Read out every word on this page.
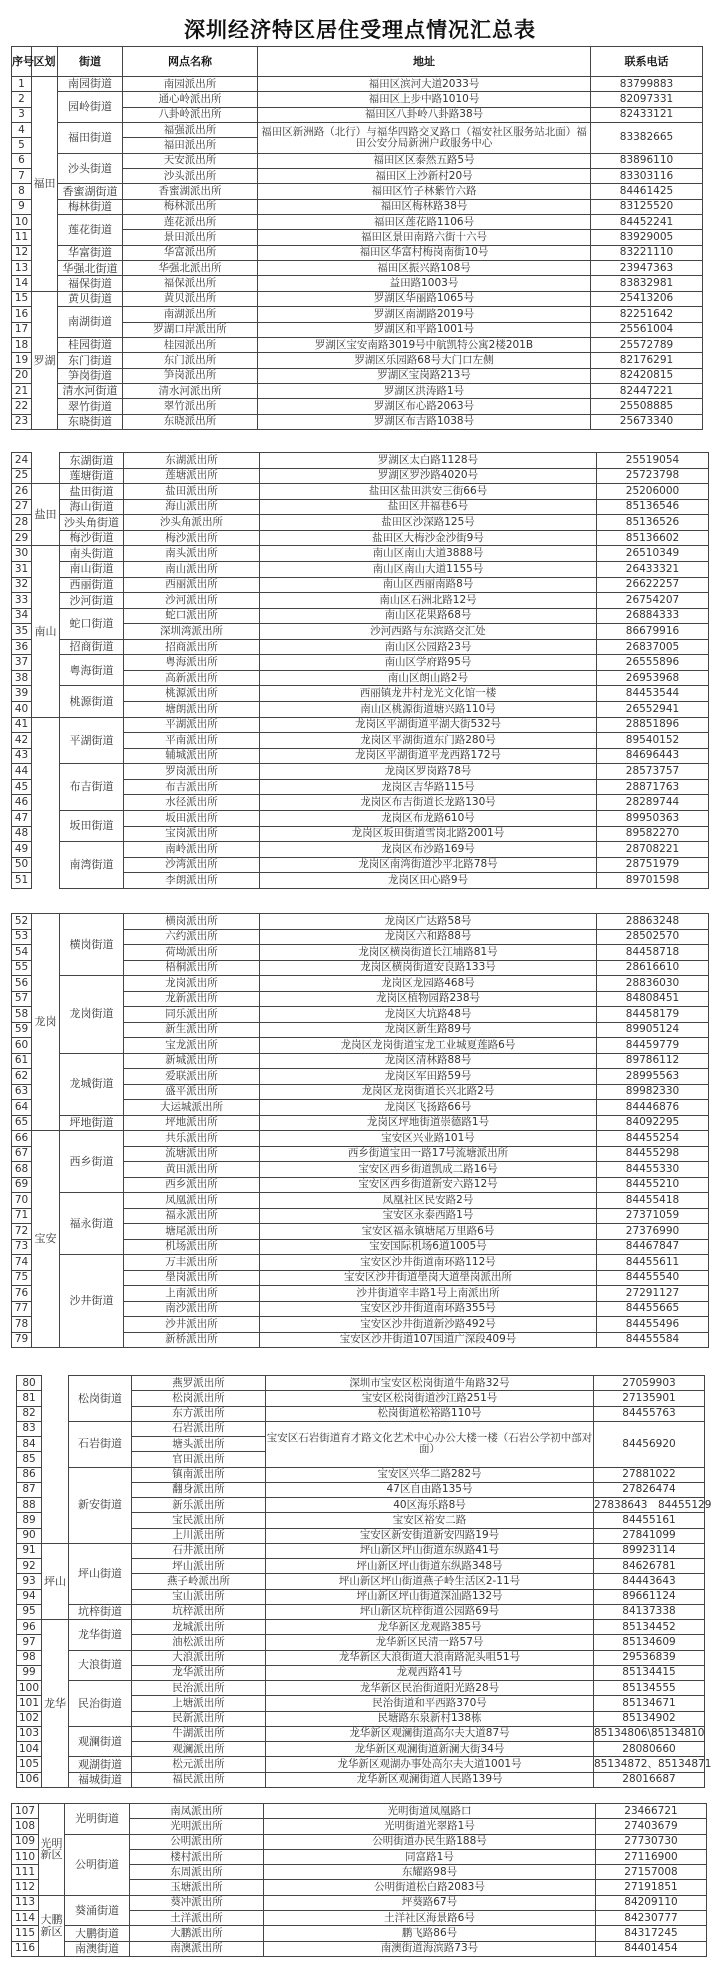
深圳经济特区居住受理点情况汇总表
序号	区划	街道	网点名称	地址	联系电话
1	福田	南园街道	南园派出所	福田区滨河大道2033号	83799883
2		园岭街道	通心岭派出所	福田区上步中路1010号	82097331
3			八卦岭派出所	福田区八卦岭八卦路38号	82433121
4		福田街道	福强派出所	福田区新洲路（北行）与福华四路交叉路口（福安社区服务站北面）福田公安分局新洲户政服务中心	83382665
5			福田派出所		
6		沙头街道	天安派出所	福田区区泰然五路5号	83896110
7			沙头派出所	福田区上沙新村20号	83303116
8		香蜜湖街道	香蜜湖派出所	福田区竹子林紫竹六路	84461425
9		梅林街道	梅林派出所	福田区梅林路38号	83125520
10		莲花街道	莲花派出所	福田区莲花路1106号	84452241
11			景田派出所	福田区景田南路六街十六号	83929005
12		华富街道	华富派出所	福田区华富村梅岗南街10号	83221110
13		华强北街道	华强北派出所	福田区振兴路108号	23947363
14		福保街道	福保派出所	益田路1003号	83832981
15	罗湖	黄贝街道	黄贝派出所	罗湖区华丽路1065号	25413206
16		南湖街道	南湖派出所	罗湖区南湖路2019号	82251642
17			罗湖口岸派出所	罗湖区和平路1001号	25561004
18		桂园街道	桂园派出所	罗湖区宝安南路3019号中航凯特公寓2楼201B	25572789
19		东门街道	东门派出所	罗湖区乐园路68号大门口左侧	82176291
20		笋岗街道	笋岗派出所	罗湖区宝岗路213号	82420815
21		清水河街道	清水河派出所	罗湖区洪涛路1号	82447221
22		翠竹街道	翠竹派出所	罗湖区布心路2063号	25508885
23		东晓街道	东晓派出所	罗湖区布吉路1038号	25673340
24		东湖街道	东湖派出所	罗湖区太白路1128号	25519054
25		莲塘街道	莲塘派出所	罗湖区罗沙路4020号	25723798
26	盐田	盐田街道	盐田派出所	盐田区盐田洪安三街66号	25206000
27		海山街道	海山派出所	盐田区井福巷6号	85136546
28		沙头角街道	沙头角派出所	盐田区沙深路125号	85136526
29		梅沙街道	梅沙派出所	盐田区大梅沙金沙街9号	85136602
30	南山	南头街道	南头派出所	南山区南山大道3888号	26510349
31		南山街道	南山派出所	南山区南山大道1155号	26433321
32		西丽街道	西丽派出所	南山区西丽南路8号	26622257
33		沙河街道	沙河派出所	南山区石洲北路12号	26754207
34		蛇口街道	蛇口派出所	南山区花果路68号	26884333
35			深圳湾派出所	沙河西路与东滨路交汇处	86679916
36		招商街道	招商派出所	南山区公园路23号	26837005
37		粤海街道	粤海派出所	南山区学府路95号	26555896
38			高新派出所	南山区朗山路2号	26953968
39		桃源街道	桃源派出所	西丽镇龙井村龙光文化馆一楼	84453544
40			塘朗派出所	南山区桃源街道塘兴路110号	26552941
41		平湖街道	平湖派出所	龙岗区平湖街道平湖大街532号	28851896
42			平南派出所	龙岗区平湖街道东门路280号	89540152
43			辅城派出所	龙岗区平湖街道平龙西路172号	84696443
44		布吉街道	罗岗派出所	龙岗区罗岗路78号	28573757
45			布吉派出所	龙岗区吉华路115号	28871763
46			水径派出所	龙岗区布吉街道长龙路130号	28289744
47		坂田街道	坂田派出所	龙岗区布龙路610号	89950363
48			宝岗派出所	龙岗区坂田街道雪岗北路2001号	89582270
49		南湾街道	南岭派出所	龙岗区布沙路169号	28708221
50			沙湾派出所	龙岗区南湾街道沙平北路78号	28751979
51			李朗派出所	龙岗区田心路9号	89701598
52	龙岗	横岗街道	横岗派出所	龙岗区广达路58号	28863248
53			六约派出所	龙岗区六和路88号	28502570
54			荷坳派出所	龙岗区横岗街道长江埔路81号	84458718
55			梧桐派出所	龙岗区横岗街道安良路133号	28616610
56		龙岗街道	龙岗派出所	龙岗区龙园路468号	28836030
57			龙新派出所	龙岗区植物园路238号	84808451
58			同乐派出所	龙岗区大坑路48号	84458179
59			新生派出所	龙岗区新生路89号	89905124
60			宝龙派出所	龙岗区龙岗街道宝龙工业城夏莲路6号	84459779
61		龙城街道	新城派出所	龙岗区清林路88号	89786112
62			爱联派出所	龙岗区军田路59号	28995563
63			盛平派出所	龙岗区龙岗街道长兴北路2号	89982330
64			大运城派出所	龙岗区飞扬路66号	84446876
65		坪地街道	坪地派出所	龙岗区坪地街道崇德路1号	84092295
66	宝安	西乡街道	共乐派出所	宝安区兴业路101号	84455254
67			流塘派出所	西乡街道宝田一路17号流塘派出所	84455298
68			黄田派出所	宝安区西乡街道凯成二路16号	84455330
69			西乡派出所	宝安区西乡街道新安六路12号	84455210
70		福永街道	凤凰派出所	凤凰社区民安路2号	84455418
71			福永派出所	宝安区永泰西路1号	27371059
72			塘尾派出所	宝安区福永镇塘尾万里路6号	27376990
73			机场派出所	宝安国际机场6道1005号	84467847
74		沙井街道	万丰派出所	宝安区沙井街道南环路112号	84455611
75			壆岗派出所	宝安区沙井街道壆岗大道壆岗派出所	84455540
76			上南派出所	沙井街道宰丰路1号上南派出所	27291127
77			南沙派出所	宝安区沙井街道南环路355号	84455665
78			沙井派出所	宝安区沙井街道新沙路492号	84455496
79			新桥派出所	宝安区沙井街道107国道广深段409号	84455584
80		松岗街道	燕罗派出所	深圳市宝安区松岗街道牛角路32号	27059903
81			松岗派出所	宝安区松岗街道沙江路251号	27135901
82			东方派出所	松岗街道松裕路110号	84455763
83		石岩街道	石岩派出所	宝安区石岩街道育才路文化艺术中心办公大楼一楼（石岩公学初中部对面）	84456920
84			塘头派出所		
85			官田派出所		
86		新安街道	镇南派出所	宝安区兴华二路282号	27881022
87			翻身派出所	47区自由路135号	27826474
88			新乐派出所	40区海乐路8号	27838643　84455129
89			宝民派出所	宝安区裕安二路	84455161
90			上川派出所	宝安区新安街道新安四路19号	27841099
91	坪山	坪山街道	石井派出所	坪山新区坪山街道东纵路41号	89923114
92			坪山派出所	坪山新区坪山街道东纵路348号	84626781
93			燕子岭派出所	坪山新区坪山街道燕子岭生活区2-11号	84443643
94			宝山派出所	坪山新区坪山街道深汕路132号	89661124
95		坑梓街道	坑梓派出所	坪山新区坑梓街道公园路69号	84137338
96	龙华	龙华街道	龙城派出所	龙华新区龙观路385号	85134452
97			油松派出所	龙华新区民清一路57号	85134609
98		大浪街道	大浪派出所	龙华新区大浪街道大浪南路泥头咀51号	29536839
99			龙华派出所	龙观西路41号	85134415
100		民治街道	民治派出所	龙华新区民治街道阳光路28号	85134555
101			上塘派出所	民治街道和平西路370号	85134671
102			民新派出所	民塘路东泉新村138栋	85134902
103		观澜街道	牛湖派出所	龙华新区观澜街道高尔夫大道87号	85134806\85134810
104			观澜派出所	龙华新区观澜街道新澜大街34号	28080660
105		观湖街道	松元派出所	龙华新区观湖办事处高尔夫大道1001号	85134872、85134871
106		福城街道	福民派出所	龙华新区观澜街道人民路139号	28016687
107	光明新区	光明街道	南凤派出所	光明街道凤凰路口	23466721
108			光明派出所	光明街道光翠路1号	27403679
109		公明街道	公明派出所	公明街道办民生路188号	27730730
110			楼村派出所	同富路1号	27116900
111			东周派出所	东耀路98号	27157008
112			玉塘派出所	公明街道松白路2083号	27191851
113	大鹏新区	葵涌街道	葵冲派出所	坪葵路67号	84209110
114			土洋派出所	土洋社区海景路6号	84230777
115		大鹏街道	大鹏派出所	鹏飞路86号	84317245
116		南澳街道	南澳派出所	南澳街道海滨路73号	84401454
